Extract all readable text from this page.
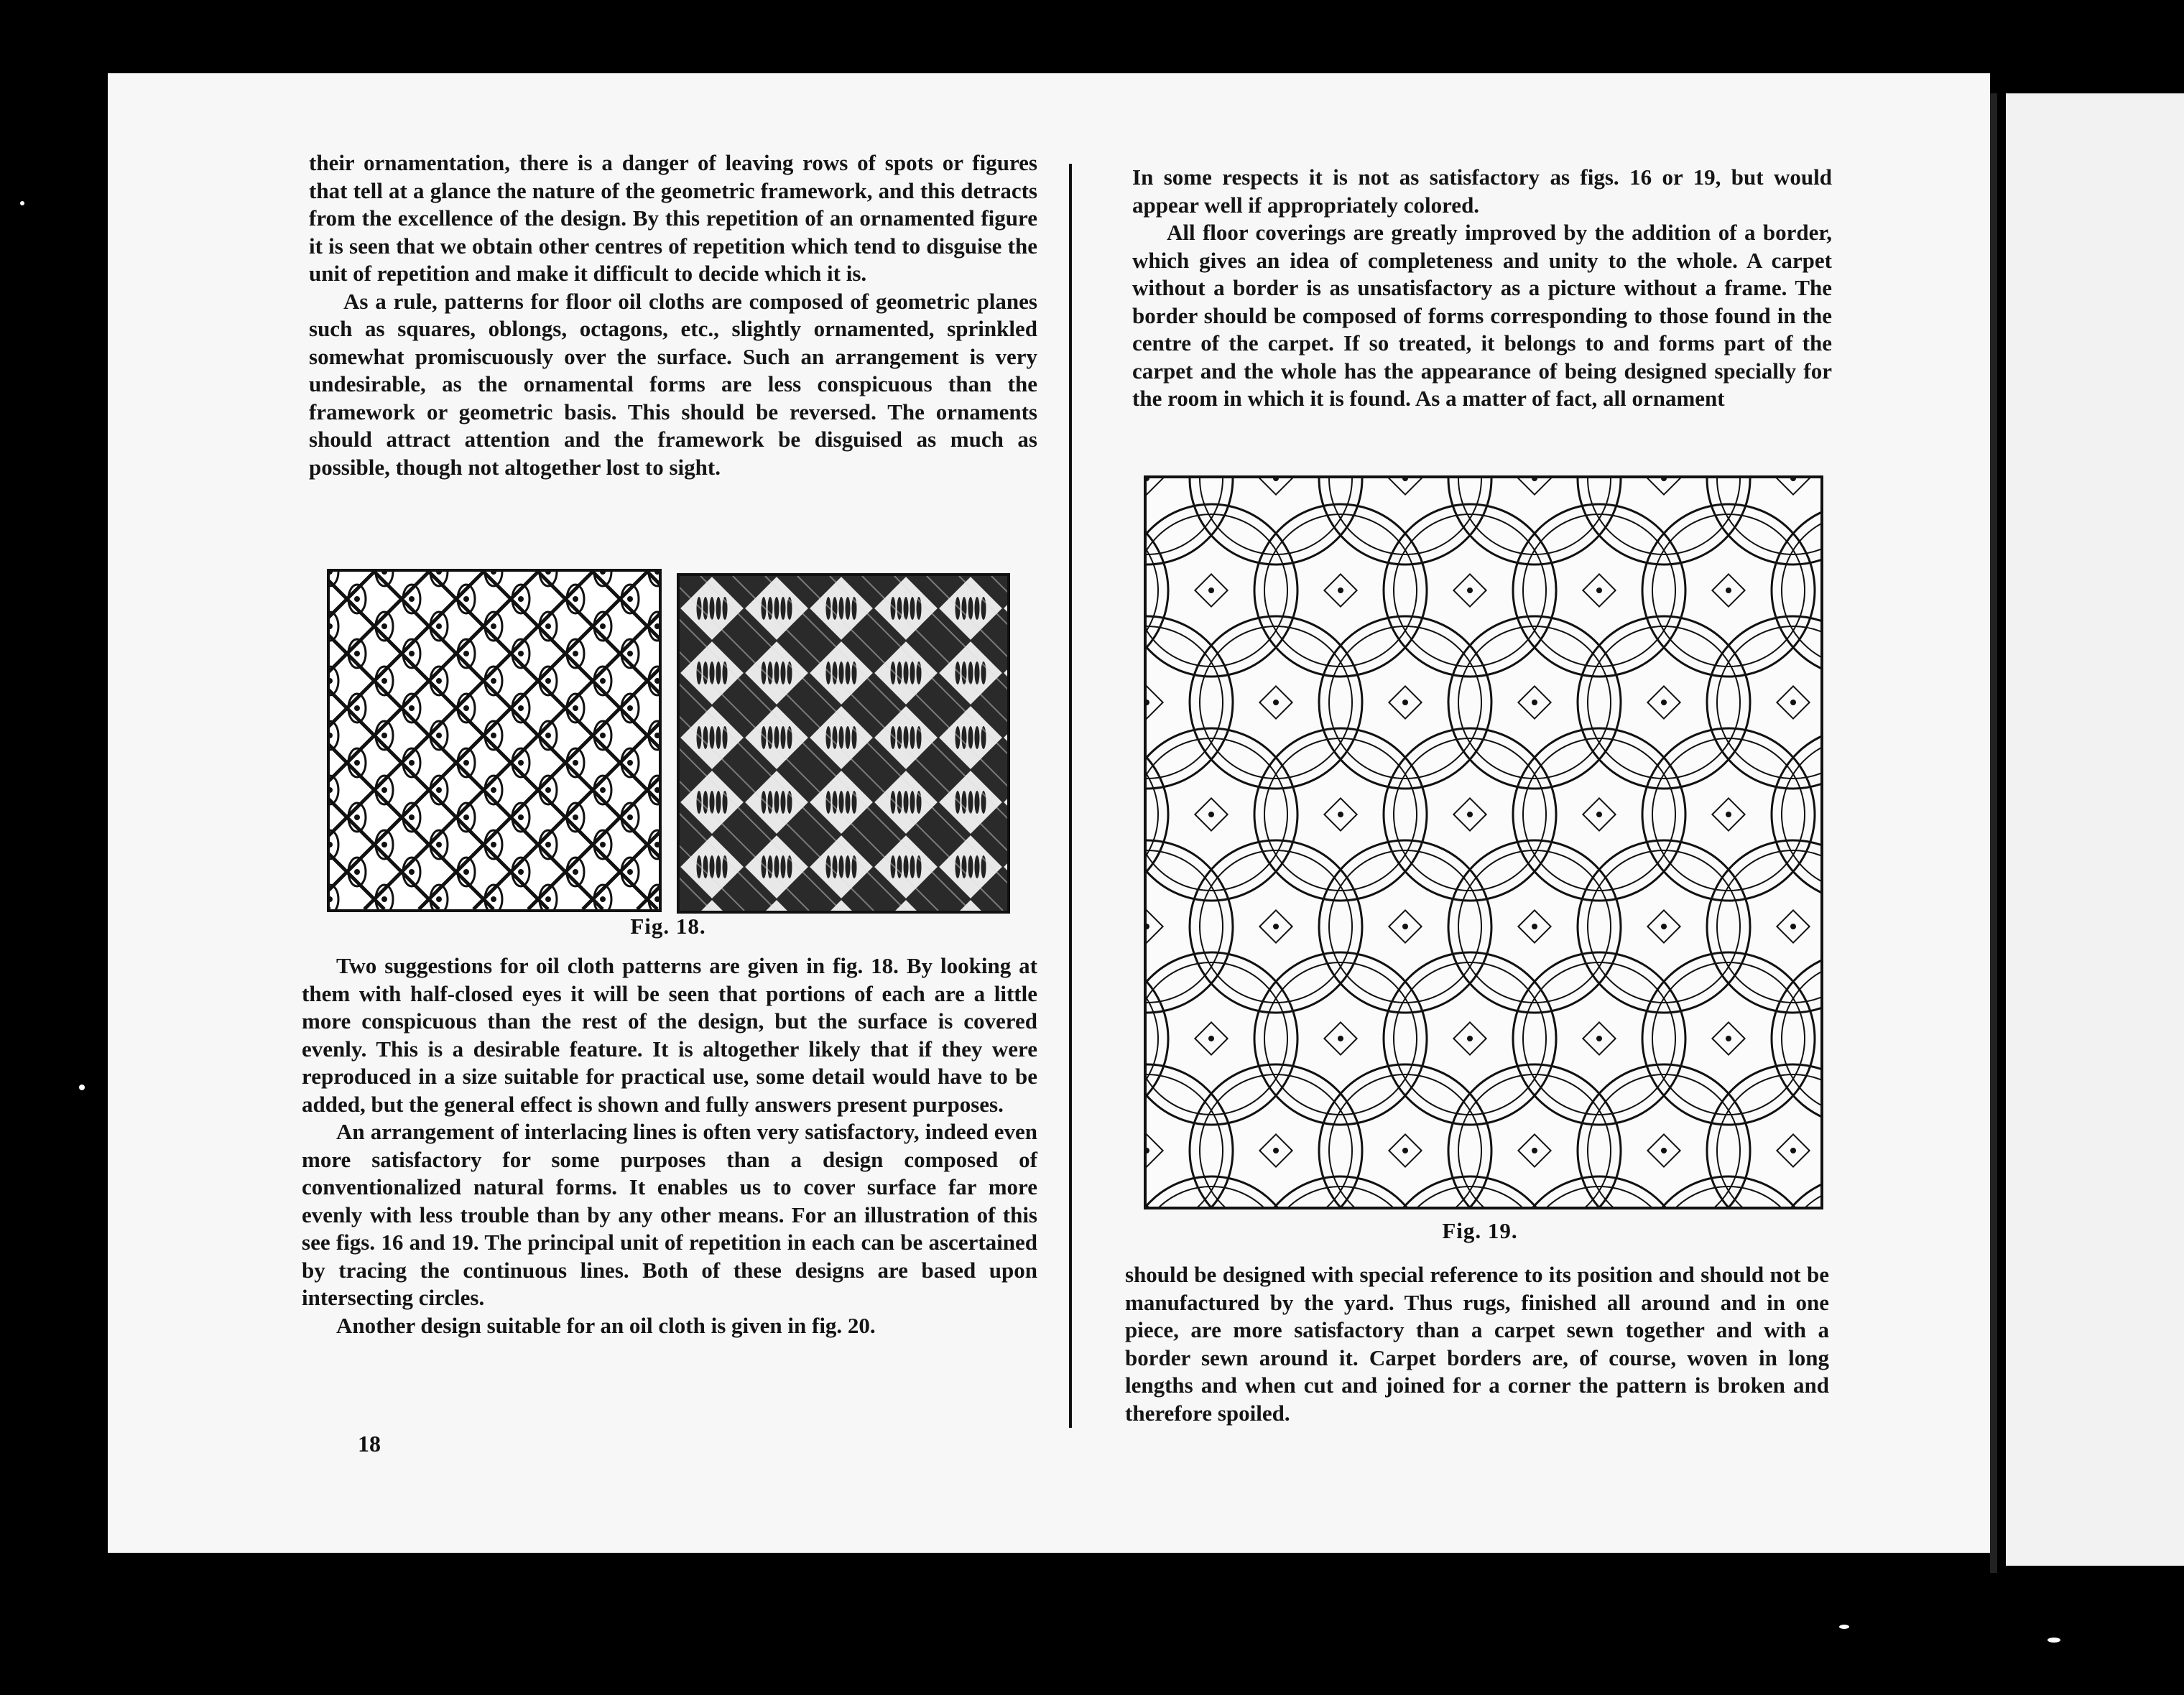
their ornamentation, there is a danger of leaving rows of spots or figures that tell at a glance the nature of the geometric framework, and this detracts from the excellence of the design. By this repetition of an ornamented figure it is seen that we obtain other centres of repetition which tend to disguise the unit of repetition and make it difficult to decide which it is.

As a rule, patterns for floor oil cloths are composed of geometric planes such as squares, oblongs, octagons, etc., slightly ornamented, sprinkled somewhat promiscuously over the surface. Such an arrangement is very undesirable, as the ornamental forms are less conspicuous than the framework or geometric basis. This should be reversed. The ornaments should attract attention and the framework be disguised as much as possible, though not altogether lost to sight.

Fig. 18.

Two suggestions for oil cloth patterns are given in fig. 18. By looking at them with half-closed eyes it will be seen that portions of each are a little more conspicuous than the rest of the design, but the surface is covered evenly. This is a desirable feature. It is altogether likely that if they were reproduced in a size suitable for practical use, some detail would have to be added, but the general effect is shown and fully answers present purposes.

An arrangement of interlacing lines is often very satisfactory, indeed even more satisfactory for some purposes than a design composed of conventionalized natural forms. It enables us to cover surface far more evenly with less trouble than by any other means. For an illustration of this see figs. 16 and 19. The principal unit of repetition in each can be ascertained by tracing the continuous lines. Both of these designs are based upon intersecting circles.

Another design suitable for an oil cloth is given in fig. 20.

18

In some respects it is not as satisfactory as figs. 16 or 19, but would appear well if appropriately colored.

All floor coverings are greatly improved by the addition of a border, which gives an idea of completeness and unity to the whole. A carpet without a border is as unsatisfactory as a picture without a frame. The border should be composed of forms corresponding to those found in the centre of the carpet. If so treated, it belongs to and forms part of the carpet and the whole has the appearance of being designed specially for the room in which it is found. As a matter of fact, all ornament

Fig. 19.

should be designed with special reference to its position and should not be manufactured by the yard. Thus rugs, finished all around and in one piece, are more satisfactory than a carpet sewn together and with a border sewn around it. Carpet borders are, of course, woven in long lengths and when cut and joined for a corner the pattern is broken and therefore spoiled.
